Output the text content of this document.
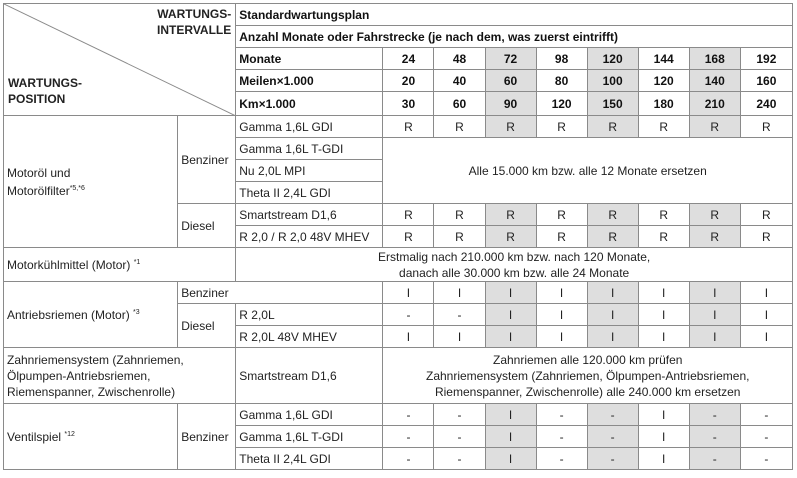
WARTUNGS-
INTERVALLE
WARTUNGS-
POSITION		Standardwartungsplan								
		Anzahl Monate oder Fahrstrecke (je nach dem, was zuerst eintrifft)								
		Monate	24	48	72	98	120	144	168	192
		Meilen×1.000	20	40	60	80	100	120	140	160
		Km×1.000	30	60	90	120	150	180	210	240
Motoröl und
Motorölfilter$^{*5,*6}$	Benziner	Gamma 1,6L GDI	R	R	R	R	R	R	R	R
		Gamma 1,6L T-GDI	Alle 15.000 km bzw. alle 12 Monate ersetzen							
		Nu 2,0L MPI								
		Theta II 2,4L GDI								
	Diesel	Smartstream D1,6	R	R	R	R	R	R	R	R
		R 2,0 / R 2,0 48V MHEV	R	R	R	R	R	R	R	R
Motorkühlmittel (Motor) $^{*1}$		Erstmalig nach 210.000 km bzw. nach 120 Monate,
danach alle 30.000 km bzw. alle 24 Monate								
Antriebsriemen (Motor) $^{*3}$	Benziner		I	I	I	I	I	I	I	I
	Diesel	R 2,0L	-	-	I	I	I	I	I	I
		R 2,0L 48V MHEV	I	I	I	I	I	I	I	I
Zahnriemensystem (Zahnriemen,
Ölpumpen-Antriebsriemen,
Riemenspanner, Zwischenrolle)		Smartstream D1,6	Zahnriemen alle 120.000 km prüfen
Zahnriemensystem (Zahnriemen, Ölpumpen-Antriebsriemen,
Riemenspanner, Zwischenrolle) alle 240.000 km ersetzen							
Ventilspiel $^{*12}$	Benziner	Gamma 1,6L GDI	-	-	I	-	-	I	-	-
		Gamma 1,6L T-GDI	-	-	I	-	-	I	-	-
		Theta II 2,4L GDI	-	-	I	-	-	I	-	-
